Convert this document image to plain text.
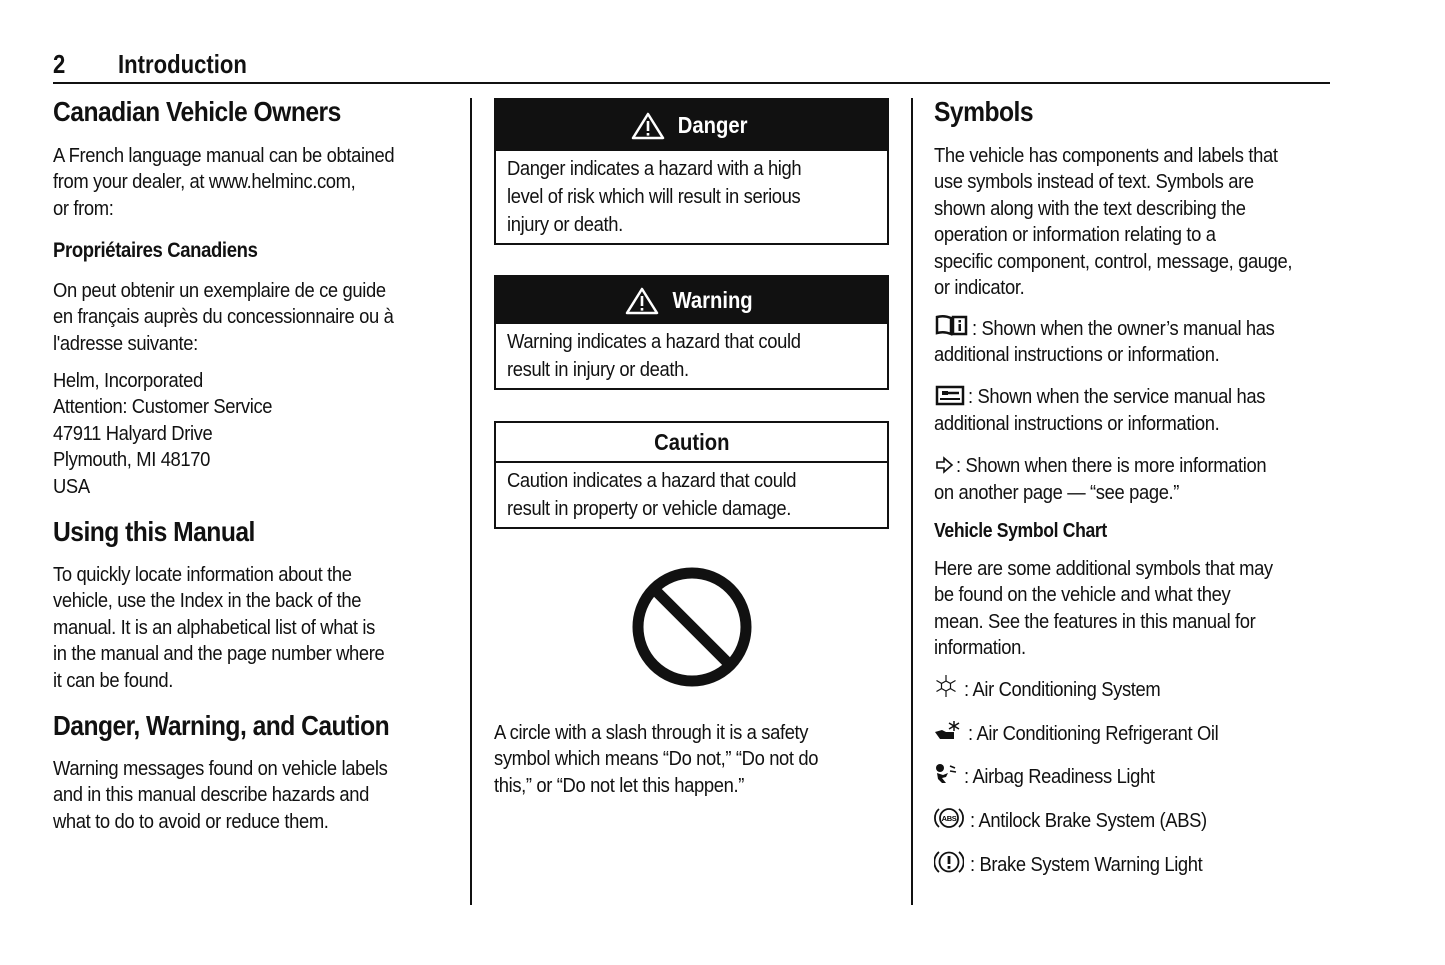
2 Introduction
Canadian Vehicle Owners
A French language manual can be obtained
from your dealer, at www.helminc.com,
or from:
Propriétaires Canadiens
On peut obtenir un exemplaire de ce guide
en français auprès du concessionnaire ou à
l'adresse suivante:
Helm, Incorporated
Attention: Customer Service
47911 Halyard Drive
Plymouth, MI 48170
USA
Using this Manual
To quickly locate information about the
vehicle, use the Index in the back of the
manual. It is an alphabetical list of what is
in the manual and the page number where
it can be found.
Danger, Warning, and Caution
Warning messages found on vehicle labels
and in this manual describe hazards and
what to do to avoid or reduce them.
Danger
Danger indicates a hazard with a high
level of risk which will result in serious
injury or death.
Warning
Warning indicates a hazard that could
result in injury or death.
Caution
Caution indicates a hazard that could
result in property or vehicle damage.
A circle with a slash through it is a safety
symbol which means “Do not,” “Do not do
this,” or “Do not let this happen.”
Symbols
The vehicle has components and labels that
use symbols instead of text. Symbols are
shown along with the text describing the
operation or information relating to a
specific component, control, message, gauge,
or indicator.
: Shown when the owner’s manual has
additional instructions or information.
: Shown when the service manual has
additional instructions or information.
: Shown when there is more information
on another page — “see page.”
Vehicle Symbol Chart
Here are some additional symbols that may
be found on the vehicle and what they
mean. See the features in this manual for
information.
: Air Conditioning System
: Air Conditioning Refrigerant Oil
: Airbag Readiness Light
ABS : Antilock Brake System (ABS)
: Brake System Warning Light
